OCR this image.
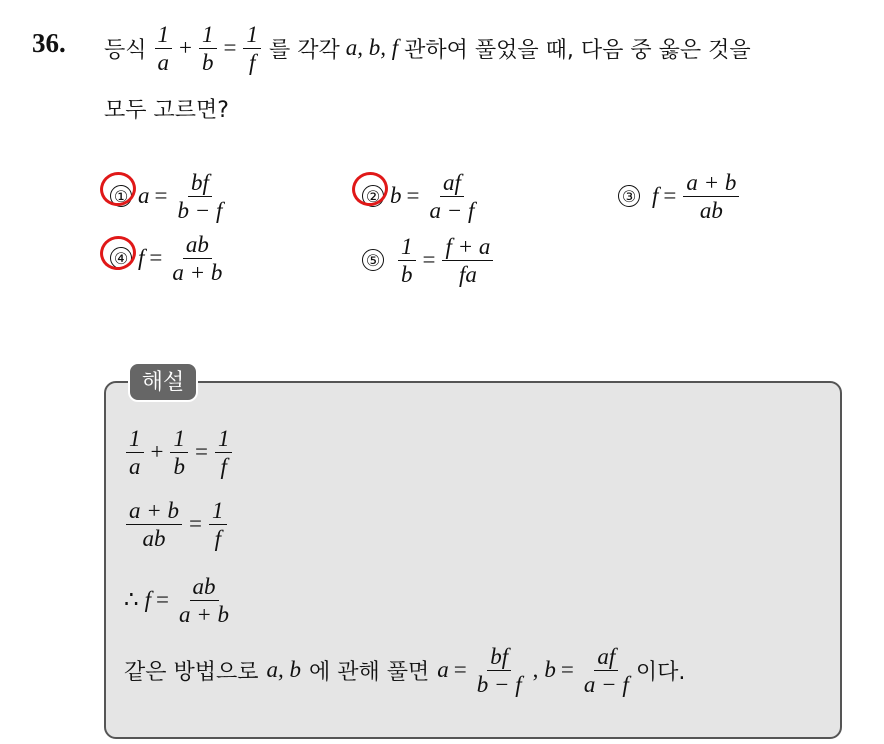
36. 등식 $\frac{1}{a} + \frac{1}{b} = \frac{1}{f}$ 를 각각 a, b, f 관하여 풀었을 때, 다음 중 옳은 것을
모두 고르면?
① $a = \frac{bf}{b - f}$	② $b = \frac{af}{a - f}$	③ $f = \frac{a + b}{ab}$
④ $f = \frac{ab}{a + b}$	⑤ $\frac{1}{b} = \frac{f + a}{fa}$
해설
$\frac{1}{a} + \frac{1}{b} = \frac{1}{f}$
$\frac{a + b}{ab} = \frac{1}{f}$
∴ $f = \frac{ab}{a + b}$
같은 방법으로 a, b 에 관해 풀면 $a = \frac{bf}{b - f}$ , $b = \frac{af}{a - f}$ 이다.
